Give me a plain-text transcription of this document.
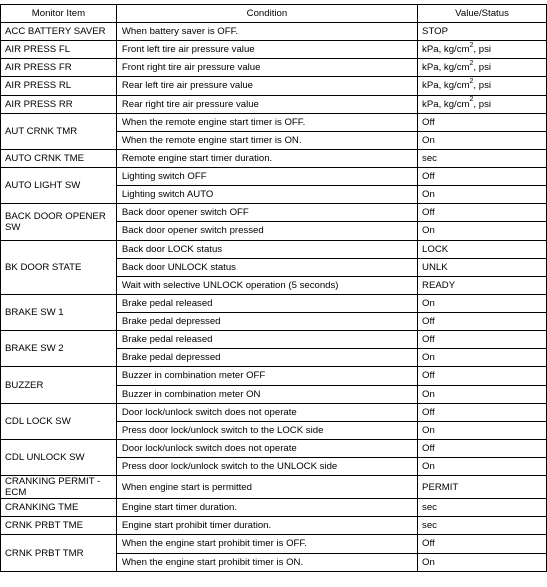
Monitor Item	Condition	Value/Status
ACC BATTERY SAVER	When battery saver is OFF.	STOP
AIR PRESS FL	Front left tire air pressure value	kPa, $kg/cm^2$, psi
AIR PRESS FR	Front right tire air pressure value	kPa, $kg/cm^2$, psi
AIR PRESS RL	Rear left tire air pressure value	kPa, $kg/cm^2$, psi
AIR PRESS RR	Rear right tire air pressure value	kPa, $kg/cm^2$, psi
AUT CRNK TMR	When the remote engine start timer is OFF.	Off
	When the remote engine start timer is ON.	On
AUTO CRNK TME	Remote engine start timer duration.	sec
AUTO LIGHT SW	Lighting switch OFF	Off
	Lighting switch AUTO	On
BACK DOOR OPENER SW	Back door opener switch OFF	Off
	Back door opener switch pressed	On
BK DOOR STATE	Back door LOCK status	LOCK
	Back door UNLOCK status	UNLK
	Wait with selective UNLOCK operation (5 seconds)	READY
BRAKE SW 1	Brake pedal released	On
	Brake pedal depressed	Off
BRAKE SW 2	Brake pedal released	Off
	Brake pedal depressed	On
BUZZER	Buzzer in combination meter OFF	Off
	Buzzer in combination meter ON	On
CDL LOCK SW	Door lock/unlock switch does not operate	Off
	Press door lock/unlock switch to the LOCK side	On
CDL UNLOCK SW	Door lock/unlock switch does not operate	Off
	Press door lock/unlock switch to the UNLOCK side	On
CRANKING PERMIT - ECM	When engine start is permitted	PERMIT
CRANKING TME	Engine start timer duration.	sec
CRNK PRBT TME	Engine start prohibit timer duration.	sec
CRNK PRBT TMR	When the engine start prohibit timer is OFF.	Off
	When the engine start prohibit timer is ON.	On
